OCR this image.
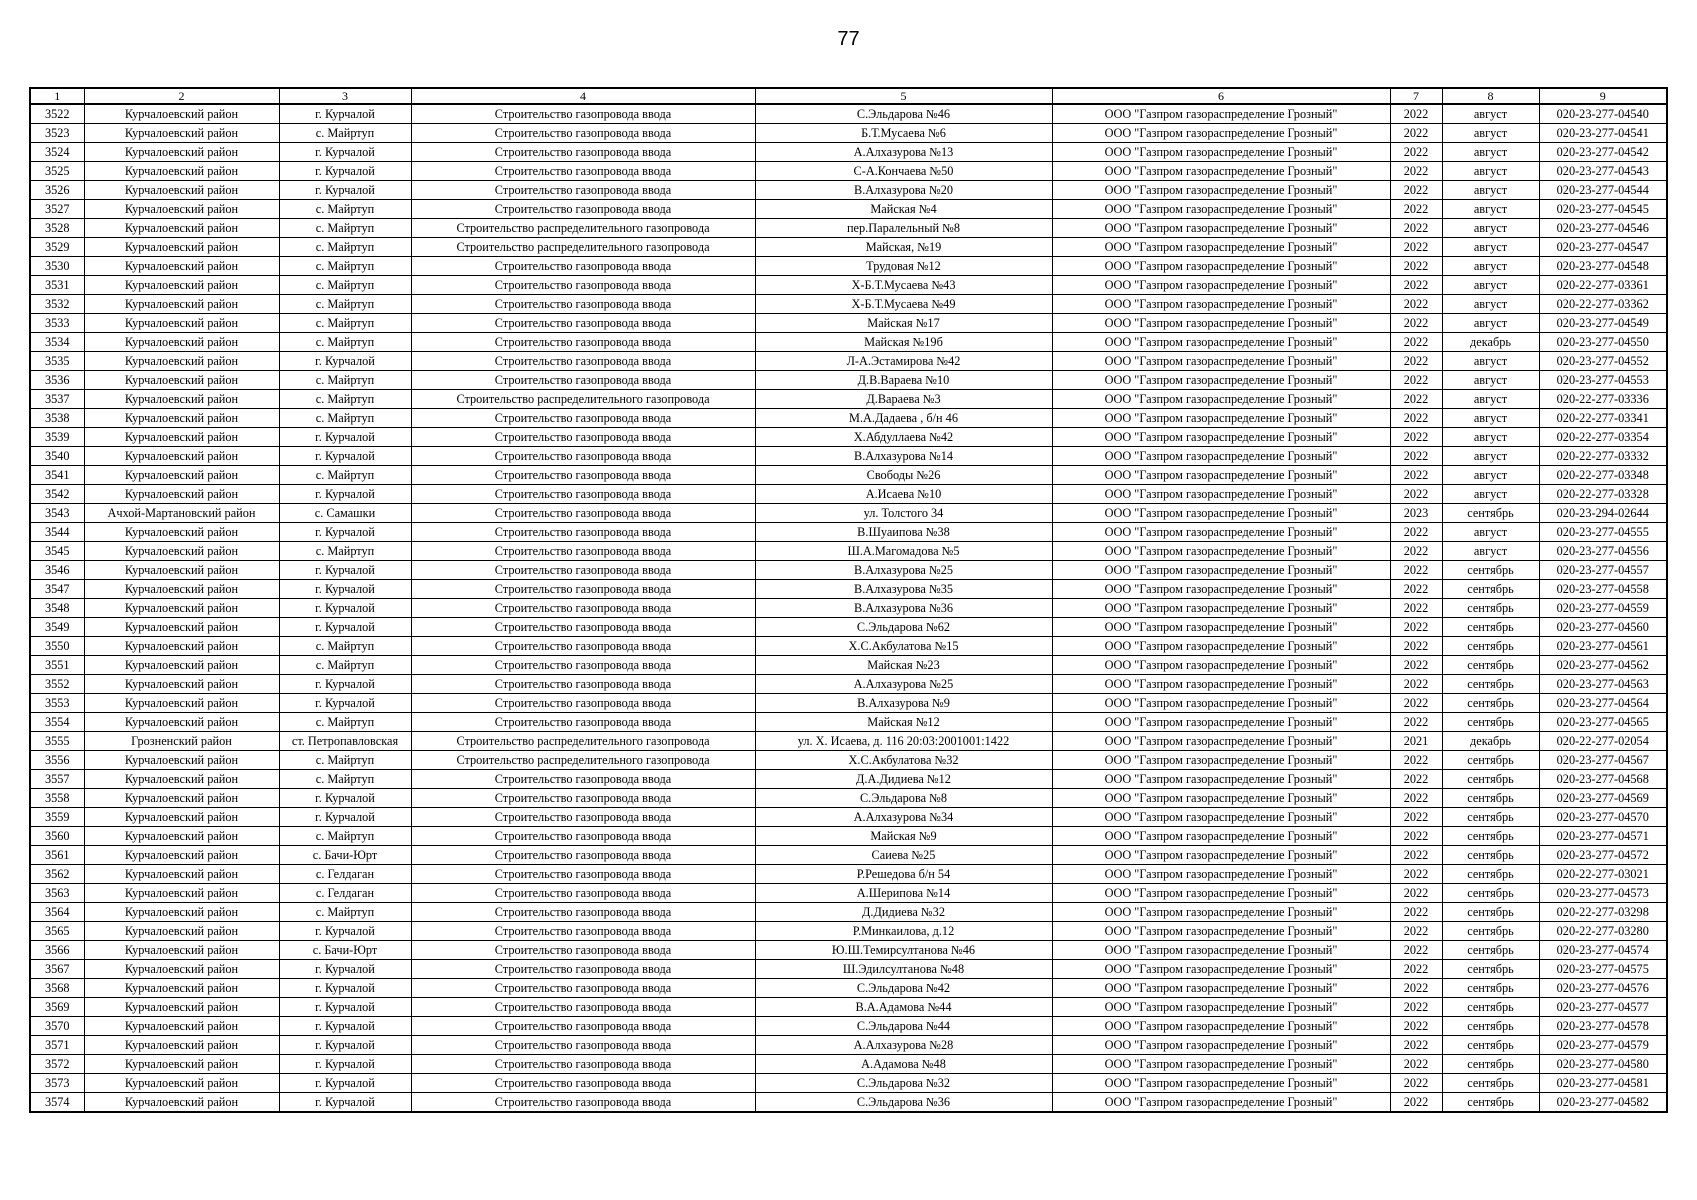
77
1	2	3	4	5	6	7	8	9
3522	Курчалоевский район	г. Курчалой	Строительство газопровода ввода	С.Эльдарова №46	ООО "Газпром газораспределение Грозный"	2022	август	020-23-277-04540
3523	Курчалоевский район	с. Майртуп	Строительство газопровода ввода	Б.Т.Мусаева №6	ООО "Газпром газораспределение Грозный"	2022	август	020-23-277-04541
3524	Курчалоевский район	г. Курчалой	Строительство газопровода ввода	А.Алхазурова №13	ООО "Газпром газораспределение Грозный"	2022	август	020-23-277-04542
3525	Курчалоевский район	г. Курчалой	Строительство газопровода ввода	С-А.Кончаева №50	ООО "Газпром газораспределение Грозный"	2022	август	020-23-277-04543
3526	Курчалоевский район	г. Курчалой	Строительство газопровода ввода	В.Алхазурова №20	ООО "Газпром газораспределение Грозный"	2022	август	020-23-277-04544
3527	Курчалоевский район	с. Майртуп	Строительство газопровода ввода	Майская №4	ООО "Газпром газораспределение Грозный"	2022	август	020-23-277-04545
3528	Курчалоевский район	с. Майртуп	Строительство распределительного газопровода	пер.Паралельный №8	ООО "Газпром газораспределение Грозный"	2022	август	020-23-277-04546
3529	Курчалоевский район	с. Майртуп	Строительство распределительного газопровода	Майская, №19	ООО "Газпром газораспределение Грозный"	2022	август	020-23-277-04547
3530	Курчалоевский район	с. Майртуп	Строительство газопровода ввода	Трудовая №12	ООО "Газпром газораспределение Грозный"	2022	август	020-23-277-04548
3531	Курчалоевский район	с. Майртуп	Строительство газопровода ввода	Х-Б.Т.Мусаева №43	ООО "Газпром газораспределение Грозный"	2022	август	020-22-277-03361
3532	Курчалоевский район	с. Майртуп	Строительство газопровода ввода	Х-Б.Т.Мусаева №49	ООО "Газпром газораспределение Грозный"	2022	август	020-22-277-03362
3533	Курчалоевский район	с. Майртуп	Строительство газопровода ввода	Майская №17	ООО "Газпром газораспределение Грозный"	2022	август	020-23-277-04549
3534	Курчалоевский район	с. Майртуп	Строительство газопровода ввода	Майская №19б	ООО "Газпром газораспределение Грозный"	2022	декабрь	020-23-277-04550
3535	Курчалоевский район	г. Курчалой	Строительство газопровода ввода	Л-А.Эстамирова №42	ООО "Газпром газораспределение Грозный"	2022	август	020-23-277-04552
3536	Курчалоевский район	с. Майртуп	Строительство газопровода ввода	Д.В.Вараева №10	ООО "Газпром газораспределение Грозный"	2022	август	020-23-277-04553
3537	Курчалоевский район	с. Майртуп	Строительство распределительного газопровода	Д.Вараева №3	ООО "Газпром газораспределение Грозный"	2022	август	020-22-277-03336
3538	Курчалоевский район	с. Майртуп	Строительство газопровода ввода	М.А.Дадаева , б/н 46	ООО "Газпром газораспределение Грозный"	2022	август	020-22-277-03341
3539	Курчалоевский район	г. Курчалой	Строительство газопровода ввода	Х.Абдуллаева №42	ООО "Газпром газораспределение Грозный"	2022	август	020-22-277-03354
3540	Курчалоевский район	г. Курчалой	Строительство газопровода ввода	В.Алхазурова №14	ООО "Газпром газораспределение Грозный"	2022	август	020-22-277-03332
3541	Курчалоевский район	с. Майртуп	Строительство газопровода ввода	Свободы №26	ООО "Газпром газораспределение Грозный"	2022	август	020-22-277-03348
3542	Курчалоевский район	г. Курчалой	Строительство газопровода ввода	А.Исаева №10	ООО "Газпром газораспределение Грозный"	2022	август	020-22-277-03328
3543	Ачхой-Мартановский район	с. Самашки	Строительство газопровода ввода	ул. Толстого 34	ООО "Газпром газораспределение Грозный"	2023	сентябрь	020-23-294-02644
3544	Курчалоевский район	г. Курчалой	Строительство газопровода ввода	В.Шуаипова №38	ООО "Газпром газораспределение Грозный"	2022	август	020-23-277-04555
3545	Курчалоевский район	с. Майртуп	Строительство газопровода ввода	Ш.А.Магомадова №5	ООО "Газпром газораспределение Грозный"	2022	август	020-23-277-04556
3546	Курчалоевский район	г. Курчалой	Строительство газопровода ввода	В.Алхазурова №25	ООО "Газпром газораспределение Грозный"	2022	сентябрь	020-23-277-04557
3547	Курчалоевский район	г. Курчалой	Строительство газопровода ввода	В.Алхазурова №35	ООО "Газпром газораспределение Грозный"	2022	сентябрь	020-23-277-04558
3548	Курчалоевский район	г. Курчалой	Строительство газопровода ввода	В.Алхазурова №36	ООО "Газпром газораспределение Грозный"	2022	сентябрь	020-23-277-04559
3549	Курчалоевский район	г. Курчалой	Строительство газопровода ввода	С.Эльдарова №62	ООО "Газпром газораспределение Грозный"	2022	сентябрь	020-23-277-04560
3550	Курчалоевский район	с. Майртуп	Строительство газопровода ввода	Х.С.Акбулатова №15	ООО "Газпром газораспределение Грозный"	2022	сентябрь	020-23-277-04561
3551	Курчалоевский район	с. Майртуп	Строительство газопровода ввода	Майская №23	ООО "Газпром газораспределение Грозный"	2022	сентябрь	020-23-277-04562
3552	Курчалоевский район	г. Курчалой	Строительство газопровода ввода	А.Алхазурова №25	ООО "Газпром газораспределение Грозный"	2022	сентябрь	020-23-277-04563
3553	Курчалоевский район	г. Курчалой	Строительство газопровода ввода	В.Алхазурова №9	ООО "Газпром газораспределение Грозный"	2022	сентябрь	020-23-277-04564
3554	Курчалоевский район	с. Майртуп	Строительство газопровода ввода	Майская №12	ООО "Газпром газораспределение Грозный"	2022	сентябрь	020-23-277-04565
3555	Грозненский район	ст. Петропавловская	Строительство распределительного газопровода	ул. Х. Исаева, д. 116 20:03:2001001:1422	ООО "Газпром газораспределение Грозный"	2021	декабрь	020-22-277-02054
3556	Курчалоевский район	с. Майртуп	Строительство распределительного газопровода	Х.С.Акбулатова №32	ООО "Газпром газораспределение Грозный"	2022	сентябрь	020-23-277-04567
3557	Курчалоевский район	с. Майртуп	Строительство газопровода ввода	Д.А.Дидиева №12	ООО "Газпром газораспределение Грозный"	2022	сентябрь	020-23-277-04568
3558	Курчалоевский район	г. Курчалой	Строительство газопровода ввода	С.Эльдарова №8	ООО "Газпром газораспределение Грозный"	2022	сентябрь	020-23-277-04569
3559	Курчалоевский район	г. Курчалой	Строительство газопровода ввода	А.Алхазурова №34	ООО "Газпром газораспределение Грозный"	2022	сентябрь	020-23-277-04570
3560	Курчалоевский район	с. Майртуп	Строительство газопровода ввода	Майская №9	ООО "Газпром газораспределение Грозный"	2022	сентябрь	020-23-277-04571
3561	Курчалоевский район	с. Бачи-Юрт	Строительство газопровода ввода	Саиева №25	ООО "Газпром газораспределение Грозный"	2022	сентябрь	020-23-277-04572
3562	Курчалоевский район	с. Гелдаган	Строительство газопровода ввода	Р.Решедова б/н 54	ООО "Газпром газораспределение Грозный"	2022	сентябрь	020-22-277-03021
3563	Курчалоевский район	с. Гелдаган	Строительство газопровода ввода	А.Шерипова №14	ООО "Газпром газораспределение Грозный"	2022	сентябрь	020-23-277-04573
3564	Курчалоевский район	с. Майртуп	Строительство газопровода ввода	Д.Дидиева №32	ООО "Газпром газораспределение Грозный"	2022	сентябрь	020-22-277-03298
3565	Курчалоевский район	г. Курчалой	Строительство газопровода ввода	Р.Минкаилова, д.12	ООО "Газпром газораспределение Грозный"	2022	сентябрь	020-22-277-03280
3566	Курчалоевский район	с. Бачи-Юрт	Строительство газопровода ввода	Ю.Ш.Темирсултанова №46	ООО "Газпром газораспределение Грозный"	2022	сентябрь	020-23-277-04574
3567	Курчалоевский район	г. Курчалой	Строительство газопровода ввода	Ш.Эдилсултанова №48	ООО "Газпром газораспределение Грозный"	2022	сентябрь	020-23-277-04575
3568	Курчалоевский район	г. Курчалой	Строительство газопровода ввода	С.Эльдарова №42	ООО "Газпром газораспределение Грозный"	2022	сентябрь	020-23-277-04576
3569	Курчалоевский район	г. Курчалой	Строительство газопровода ввода	В.А.Адамова №44	ООО "Газпром газораспределение Грозный"	2022	сентябрь	020-23-277-04577
3570	Курчалоевский район	г. Курчалой	Строительство газопровода ввода	С.Эльдарова №44	ООО "Газпром газораспределение Грозный"	2022	сентябрь	020-23-277-04578
3571	Курчалоевский район	г. Курчалой	Строительство газопровода ввода	А.Алхазурова №28	ООО "Газпром газораспределение Грозный"	2022	сентябрь	020-23-277-04579
3572	Курчалоевский район	г. Курчалой	Строительство газопровода ввода	А.Адамова №48	ООО "Газпром газораспределение Грозный"	2022	сентябрь	020-23-277-04580
3573	Курчалоевский район	г. Курчалой	Строительство газопровода ввода	С.Эльдарова №32	ООО "Газпром газораспределение Грозный"	2022	сентябрь	020-23-277-04581
3574	Курчалоевский район	г. Курчалой	Строительство газопровода ввода	С.Эльдарова №36	ООО "Газпром газораспределение Грозный"	2022	сентябрь	020-23-277-04582
